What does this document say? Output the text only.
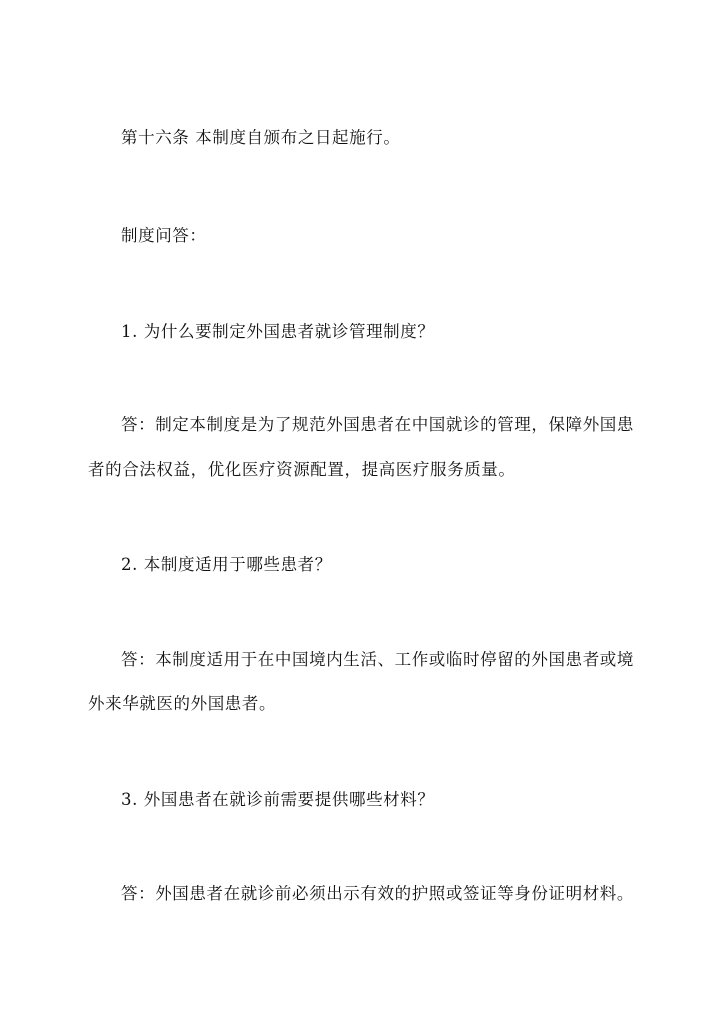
第十六条 本制度自颁布之日起施行。

制度问答：

1. 为什么要制定外国患者就诊管理制度？

答：制定本制度是为了规范外国患者在中国就诊的管理，保障外国患

者的合法权益，优化医疗资源配置，提高医疗服务质量。

2. 本制度适用于哪些患者？

答：本制度适用于在中国境内生活、工作或临时停留的外国患者或境

外来华就医的外国患者。

3. 外国患者在就诊前需要提供哪些材料？

答：外国患者在就诊前必须出示有效的护照或签证等身份证明材料。
